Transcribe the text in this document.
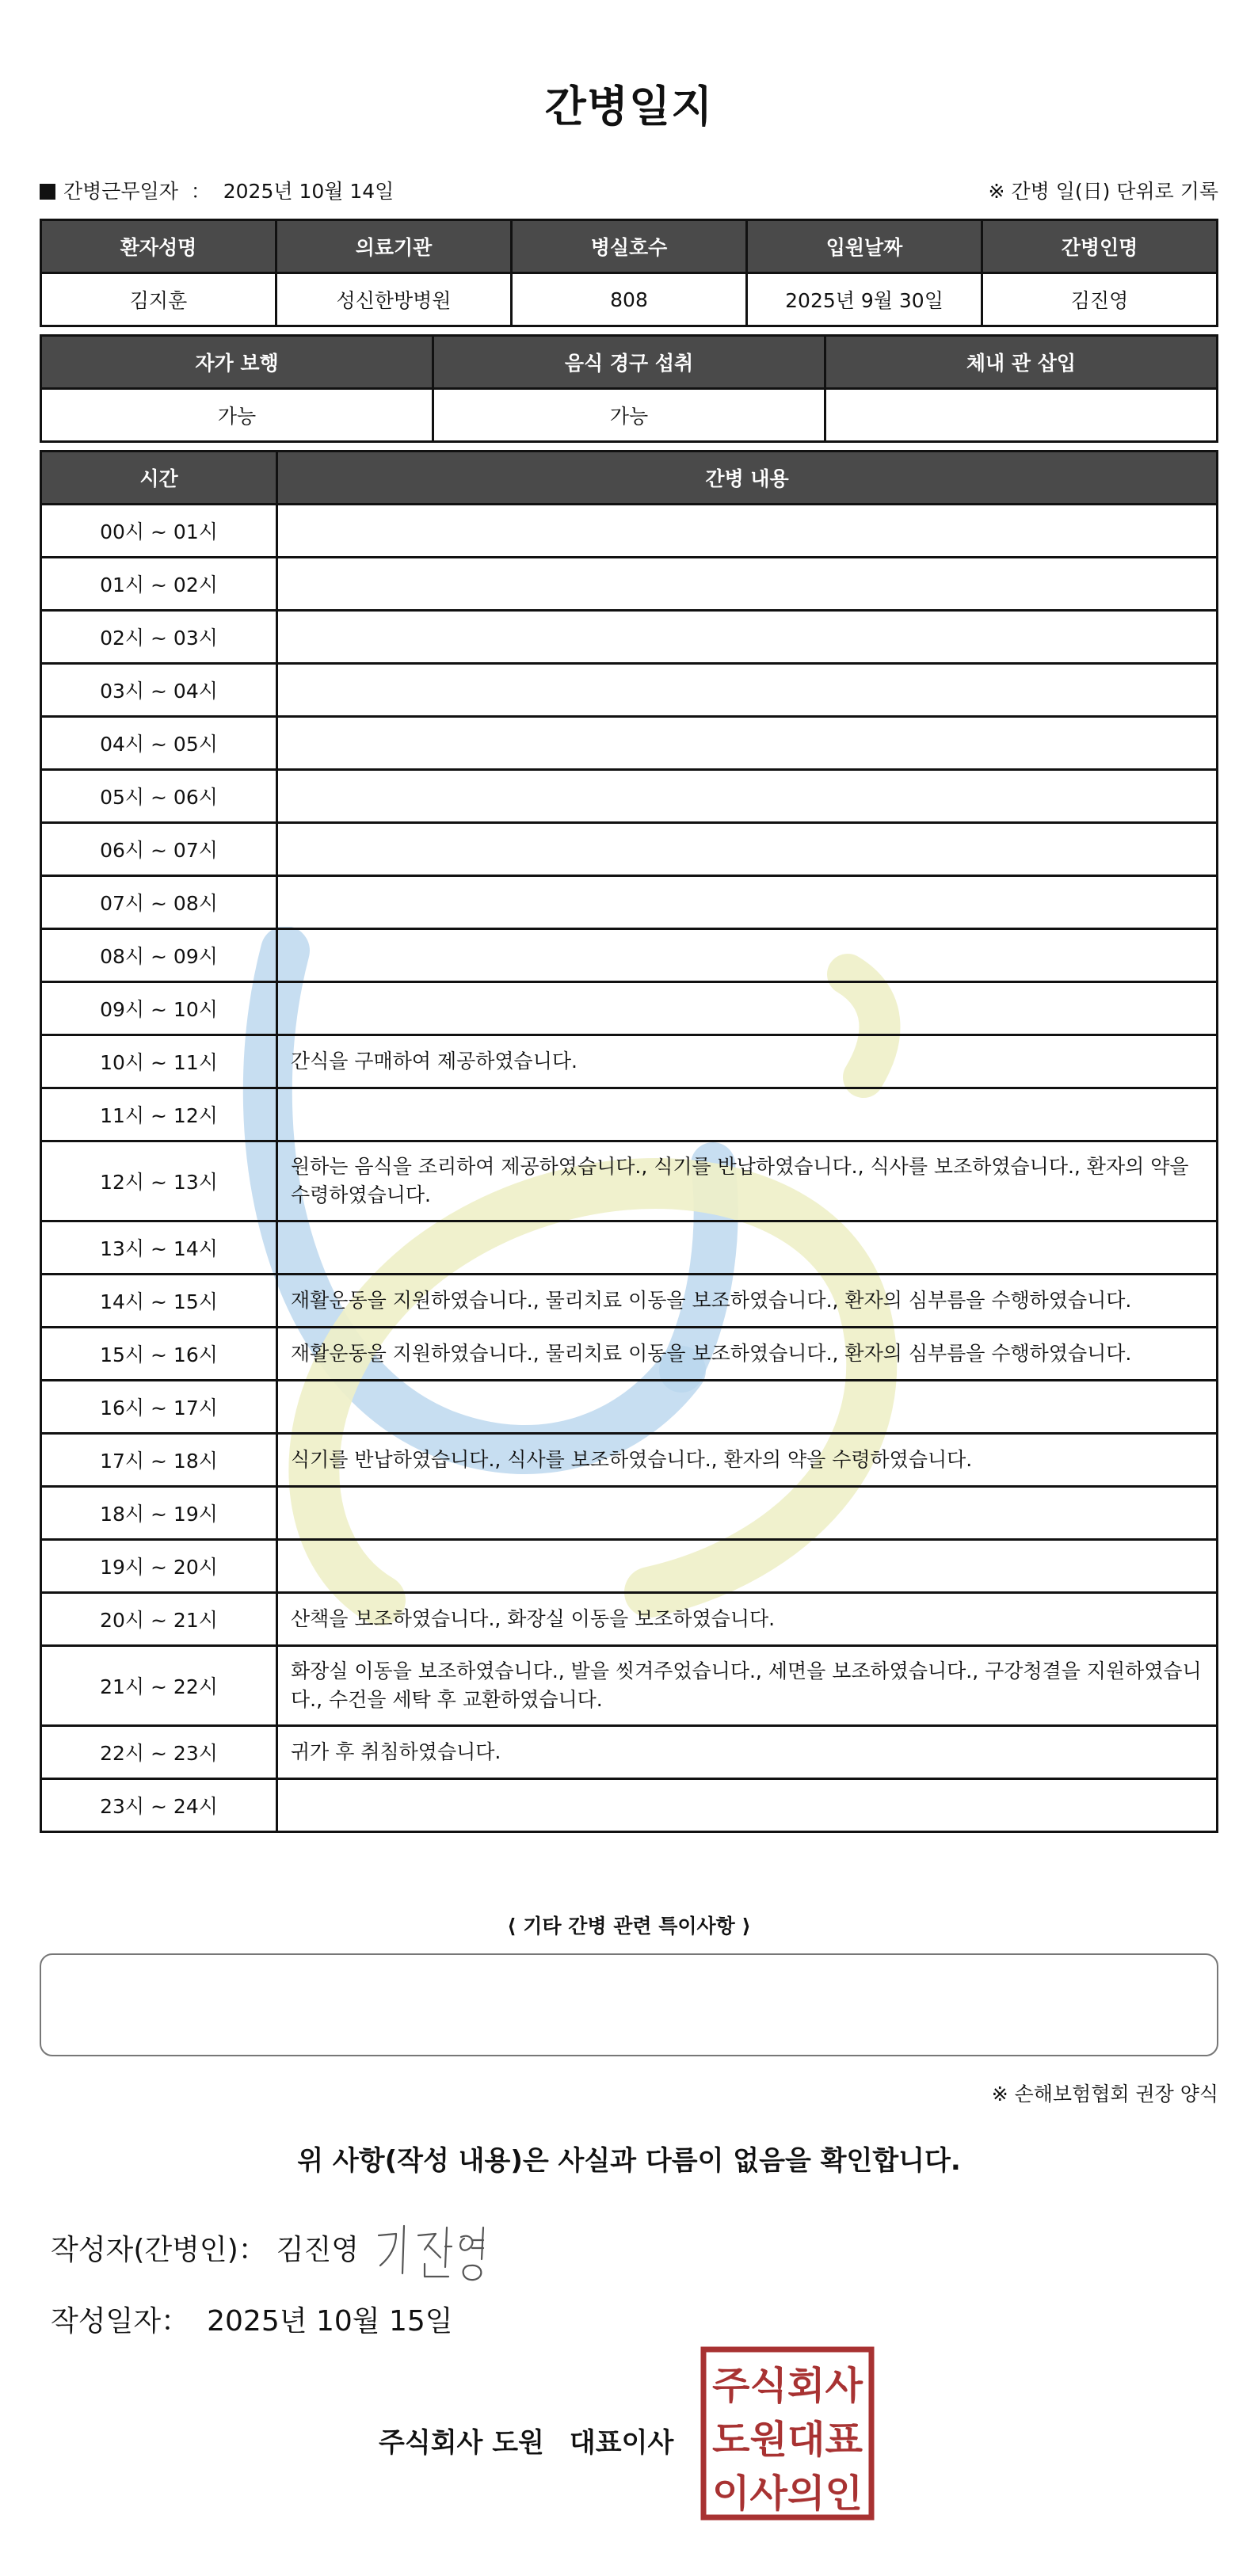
간병일지
간병근무일자 ： 2025년 10월 14일	※ 간병 일(日) 단위로 기록
환자성명	의료기관	병실호수	입원날짜	간병인명
김지훈	성신한방병원	808	2025년 9월 30일	김진영
자가 보행	음식 경구 섭취	체내 관 삽입
가능	가능	
시간	간병 내용
00시 ~ 01시	
01시 ~ 02시	
02시 ~ 03시	
03시 ~ 04시	
04시 ~ 05시	
05시 ~ 06시	
06시 ~ 07시	
07시 ~ 08시	
08시 ~ 09시	
09시 ~ 10시	
10시 ~ 11시	간식을 구매하여 제공하였습니다.
11시 ~ 12시	
12시 ~ 13시	원하는 음식을 조리하여 제공하였습니다., 식기를 반납하였습니다., 식사를 보조하였습니다., 환자의 약을 수령하였습니다.
13시 ~ 14시	
14시 ~ 15시	재활운동을 지원하였습니다., 물리치료 이동을 보조하였습니다., 환자의 심부름을 수행하였습니다.
15시 ~ 16시	재활운동을 지원하였습니다., 물리치료 이동을 보조하였습니다., 환자의 심부름을 수행하였습니다.
16시 ~ 17시	
17시 ~ 18시	식기를 반납하였습니다., 식사를 보조하였습니다., 환자의 약을 수령하였습니다.
18시 ~ 19시	
19시 ~ 20시	
20시 ~ 21시	산책을 보조하였습니다., 화장실 이동을 보조하였습니다.
21시 ~ 22시	화장실 이동을 보조하였습니다., 발을 씻겨주었습니다., 세면을 보조하였습니다., 구강청결을 지원하였습니다., 수건을 세탁 후 교환하였습니다.
22시 ~ 23시	귀가 후 취침하였습니다.
23시 ~ 24시	
⟨ 기타 간병 관련 특이사항 ⟩
※ 손해보험협회 권장 양식
위 사항(작성 내용)은 사실과 다름이 없음을 확인합니다.
작성자(간병인)： 김진영
작성일자： 2025년 10월 15일
주식회사 도원 대표이사
주식회사
도원대표
이사의인
